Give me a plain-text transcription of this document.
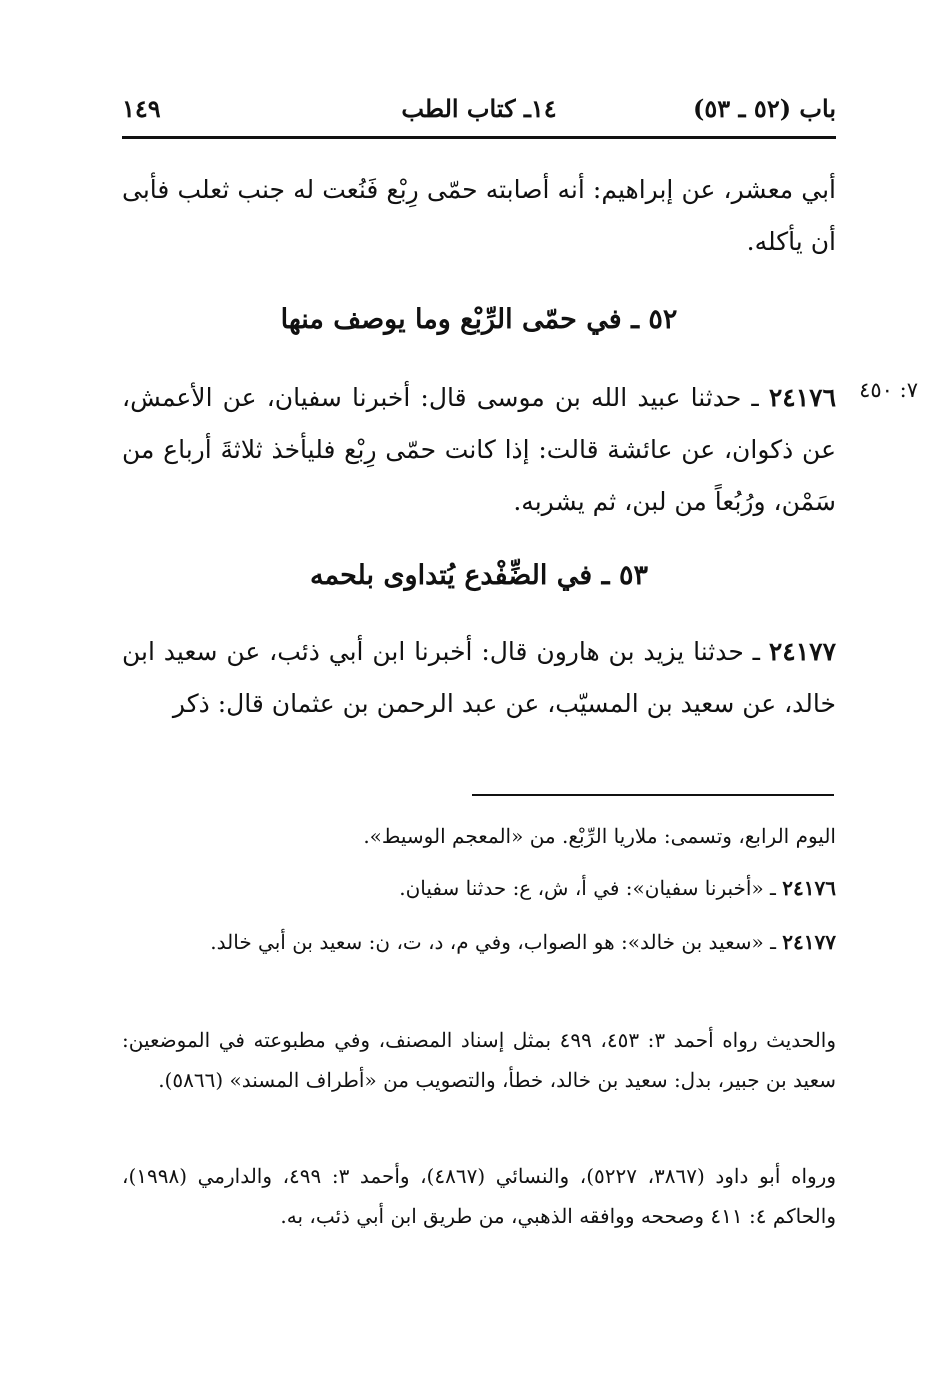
باب (٥٢ ـ ٥٣)
١٤ـ كتاب الطب
١٤٩
أبي معشر، عن إبراهيم: أنه أصابته حمّى رِبْع فَنُعت له جنب ثعلب فأبى أن يأكله.
٥٢ ـ في حمّى الرِّبْع وما يوصف منها
٧: ٤٥٠
٢٤١٧٦ ـ حدثنا عبيد الله بن موسى قال: أخبرنا سفيان، عن الأعمش، عن ذكوان، عن عائشة قالت: إذا كانت حمّى رِبْع فليأخذ ثلاثةَ أرباع من سَمْن، ورُبُعاً من لبن، ثم يشربه.
٥٣ ـ في الضِّفْدع يُتداوى بلحمه
٢٤١٧٧ ـ حدثنا يزيد بن هارون قال: أخبرنا ابن أبي ذئب، عن سعيد ابن خالد، عن سعيد بن المسيّب، عن عبد الرحمن بن عثمان قال: ذكر
اليوم الرابع، وتسمى: ملاريا الرِّبْع. من «المعجم الوسيط».
٢٤١٧٦ ـ «أخبرنا سفيان»: في أ، ش، ع: حدثنا سفيان.
٢٤١٧٧ ـ «سعيد بن خالد»: هو الصواب، وفي م، د، ت، ن: سعيد بن أبي خالد.
والحديث رواه أحمد ٣: ٤٥٣، ٤٩٩ بمثل إسناد المصنف، وفي مطبوعته في الموضعين: سعيد بن جبير، بدل: سعيد بن خالد، خطأ، والتصويب من «أطراف المسند» (٥٨٦٦).
ورواه أبو داود (٣٨٦٧، ٥٢٢٧)، والنسائي (٤٨٦٧)، وأحمد ٣: ٤٩٩، والدارمي (١٩٩٨)، والحاكم ٤: ٤١١ وصححه ووافقه الذهبي، من طريق ابن أبي ذئب، به.
